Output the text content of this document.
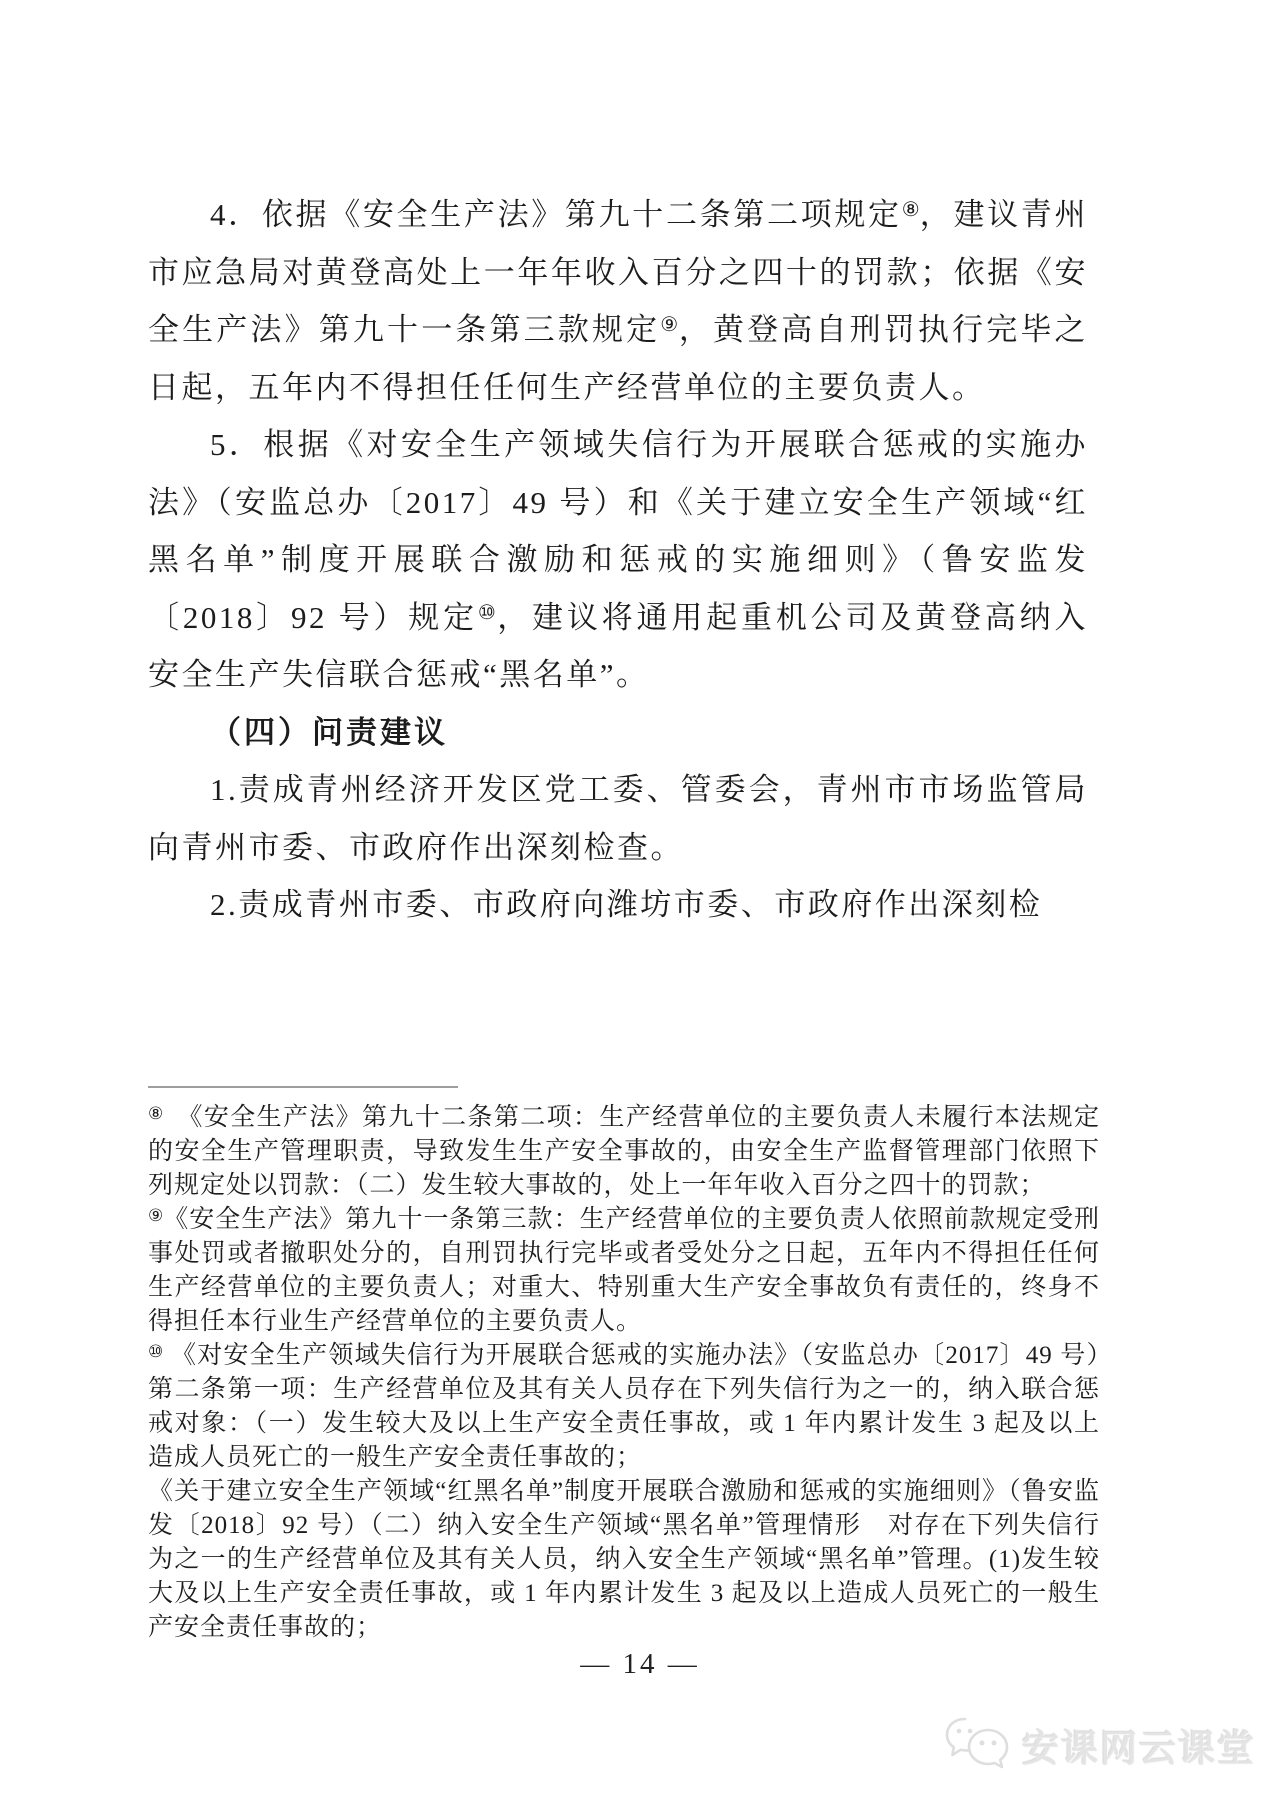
4．依据《安全生产法》第九十二条第二项规定⑧，建议青州市应急局对黄登高处上一年年收入百分之四十的罚款；依据《安全生产法》第九十一条第三款规定⑨，黄登高自刑罚执行完毕之日起，五年内不得担任任何生产经营单位的主要负责人。

5．根据《对安全生产领域失信行为开展联合惩戒的实施办法》（安监总办〔2017〕49 号）和《关于建立安全生产领域“红黑名单”制度开展联合激励和惩戒的实施细则》（鲁安监发〔2018〕92 号）规定⑩，建议将通用起重机公司及黄登高纳入安全生产失信联合惩戒“黑名单”。

（四）问责建议

1.责成青州经济开发区党工委、管委会，青州市市场监管局向青州市委、市政府作出深刻检查。

2.责成青州市委、市政府向潍坊市委、市政府作出深刻检

⑧　《安全生产法》第九十二条第二项：生产经营单位的主要负责人未履行本法规定的安全生产管理职责，导致发生生产安全事故的，由安全生产监督管理部门依照下列规定处以罚款：（二）发生较大事故的，处上一年年收入百分之四十的罚款；
⑨《安全生产法》第九十一条第三款：生产经营单位的主要负责人依照前款规定受刑事处罚或者撤职处分的，自刑罚执行完毕或者受处分之日起，五年内不得担任任何生产经营单位的主要负责人；对重大、特别重大生产安全事故负有责任的，终身不得担任本行业生产经营单位的主要负责人。
⑩ 《对安全生产领域失信行为开展联合惩戒的实施办法》（安监总办〔2017〕49 号）第二条第一项：生产经营单位及其有关人员存在下列失信行为之一的，纳入联合惩戒对象：（一）发生较大及以上生产安全责任事故，或 1 年内累计发生 3 起及以上造成人员死亡的一般生产安全责任事故的；
《关于建立安全生产领域“红黑名单”制度开展联合激励和惩戒的实施细则》（鲁安监发〔2018〕92 号）（二）纳入安全生产领域“黑名单”管理情形　对存在下列失信行为之一的生产经营单位及其有关人员，纳入安全生产领域“黑名单”管理。(1)发生较大及以上生产安全责任事故，或 1 年内累计发生 3 起及以上造成人员死亡的一般生产安全责任事故的；
— 14 —
安课网云课堂
